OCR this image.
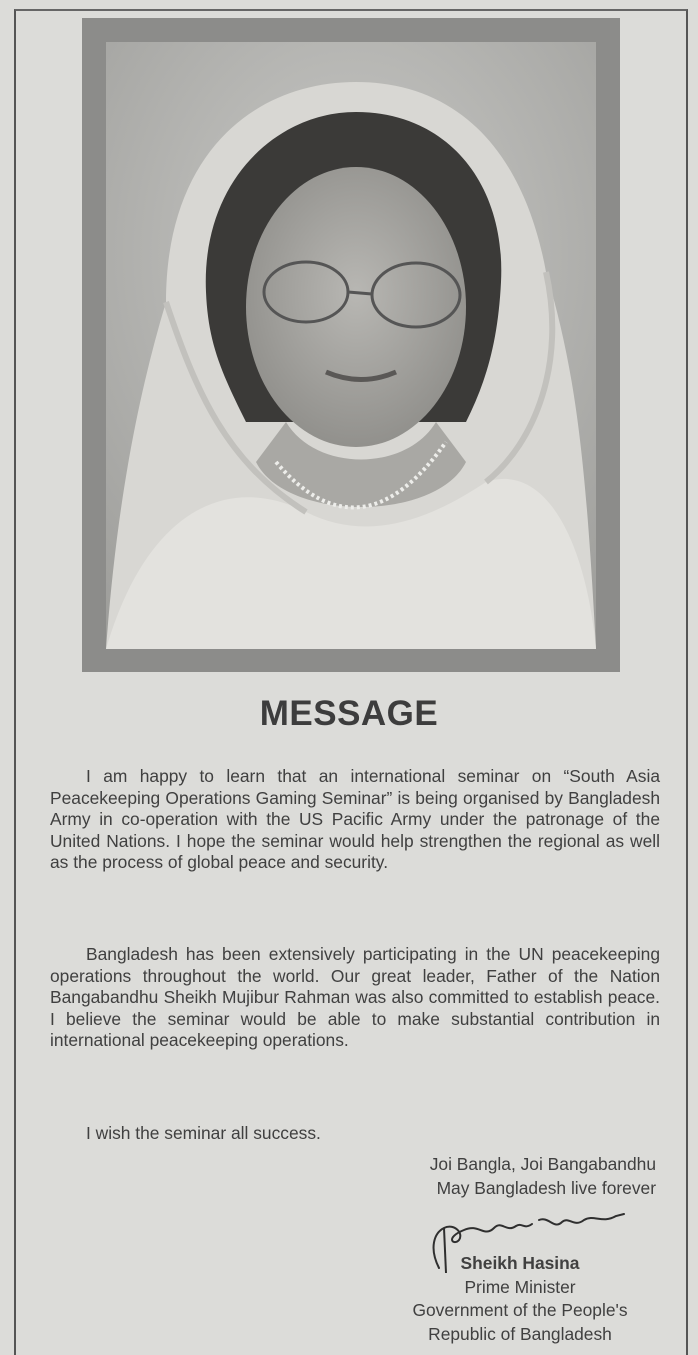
MESSAGE

I am happy to learn that an international seminar on “South Asia Peacekeeping Operations Gaming Seminar” is being organised by Bangladesh Army in co-operation with the US Pacific Army under the patronage of the United Nations. I hope the seminar would help strengthen the regional as well as the process of global peace and security.

Bangladesh has been extensively participating in the UN peacekeeping operations throughout the world. Our great leader, Father of the Nation Bangabandhu Sheikh Mujibur Rahman was also committed to establish peace. I believe the seminar would be able to make substantial contribution in international peacekeeping operations.

I wish the seminar all success.

Joi Bangla, Joi Bangabandhu

May Bangladesh live forever

Sheikh Hasina
Prime Minister
Government of the People's
Republic of Bangladesh
